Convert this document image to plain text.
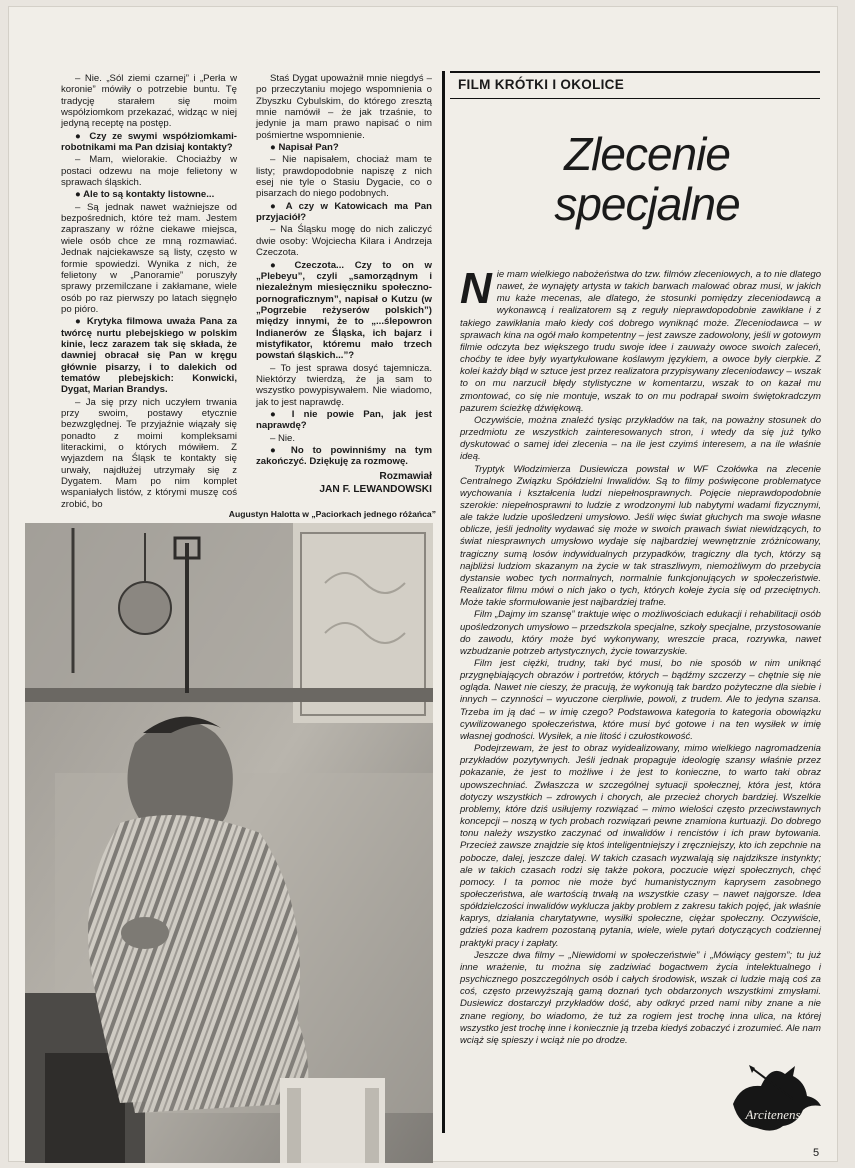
– Nie. „Sól ziemi czarnej” i „Perła w koronie” mówiły o potrzebie buntu. Tę tradycję starałem się moim współziomkom przekazać, widząc w niej jedyną receptę na postęp.

● Czy ze swymi współziomkami-robotnikami ma Pan dzisiaj kontakty?

– Mam, wielorakie. Chociażby w postaci odzewu na moje felietony w sprawach śląskich.

● Ale to są kontakty listowne...

– Są jednak nawet ważniejsze od bezpośrednich, które też mam. Jestem zapraszany w różne ciekawe miejsca, wiele osób chce ze mną rozmawiać. Jednak najciekawsze są listy, często w formie spowiedzi. Wynika z nich, że felietony w „Panoramie” poruszyły sprawy przemilczane i zakłamane, wiele osób po raz pierwszy po latach sięgnęło po pióro.

● Krytyka filmowa uważa Pana za twórcę nurtu plebejskiego w polskim kinie, lecz zarazem tak się składa, że dawniej obracał się Pan w kręgu głównie pisarzy, i to dalekich od tematów plebejskich: Konwicki, Dygat, Marian Brandys.

– Ja się przy nich uczyłem trwania przy swoim, postawy etycznie bezwzględnej. Te przyjaźnie wiązały się ponadto z moimi kompleksami literackimi, o których mówiłem. Z wyjazdem na Śląsk te kontakty się urwały, najdłużej utrzymały się z Dygatem. Mam po nim komplet wspaniałych listów, z którymi muszę coś zrobić, bo

Staś Dygat upoważnił mnie niegdyś – po przeczytaniu mojego wspomnienia o Zbyszku Cybulskim, do którego zresztą mnie namówił – że jak trzaśnie, to jedynie ja mam prawo napisać o nim pośmiertne wspomnienie.

● Napisał Pan?

– Nie napisałem, chociaż mam te listy; prawdopodobnie napiszę z nich esej nie tyle o Stasiu Dygacie, co o pisarzach do niego podobnych.

● A czy w Katowicach ma Pan przyjaciół?

– Na Śląsku mogę do nich zaliczyć dwie osoby: Wojciecha Kilara i Andrzeja Czeczota.

● Czeczota... Czy to on w „Plebeyu”, czyli „samorządnym i niezależnym miesięczniku społeczno-pornograficznym”, napisał o Kutzu (w „Pogrzebie reżyserów polskich”) między innymi, że to „...ślepowron Indianerów ze Śląska, ich bajarz i mistyfikator, któremu mało trzech powstań śląskich...”?

– To jest sprawa dosyć tajemnicza. Niektórzy twierdzą, że ja sam to wszystko powypisywałem. Nie wiadomo, jak to jest naprawdę.

● I nie powie Pan, jak jest naprawdę?

– Nie.

● No to powinniśmy na tym zakończyć. Dziękuję za rozmowę.

Rozmawiał
JAN F. LEWANDOWSKI
FILM KRÓTKI I OKOLICE
Zlecenie
specjalne

Nie mam wielkiego nabożeństwa do tzw. filmów zleceniowych, a to nie dlatego nawet, że wynajęty artysta w takich barwach malować obraz musi, w jakich mu każe mecenas, ale dlatego, że stosunki pomiędzy zleceniodawcą a wykonawcą i realizatorem są z reguły nieprawdopodobnie zawikłane i z takiego zawikłania mało kiedy coś dobrego wyniknąć może. Zleceniodawca – w sprawach kina na ogół mało kompetentny – jest zawsze zadowolony, jeśli w gotowym filmie odczyta bez większego trudu swoje idee i zauważy owoce swoich zaleceń, choćby te idee były wyartykułowane koślawym językiem, a owoce były cierpkie. Z kolei każdy błąd w sztuce jest przez realizatora przypisywany zleceniodawcy – wszak to on mu narzucił błędy stylistyczne w komentarzu, wszak to on kazał mu zmontować, co się nie montuje, wszak to on mu podrapał swoim świętokradczym pazurem ścieżkę dźwiękową.

Oczywiście, można znaleźć tysiąc przykładów na tak, na poważny stosunek do przedmiotu ze wszystkich zainteresowanych stron, i wtedy da się już tylko dyskutować o samej idei zlecenia – na ile jest czyimś interesem, a na ile właśnie ideą.

Tryptyk Włodzimierza Dusiewicza powstał w WF Czołówka na zlecenie Centralnego Związku Spółdzielni Inwalidów. Są to filmy poświęcone problematyce wychowania i kształcenia ludzi niepełnosprawnych. Pojęcie nieprawdopodobnie szerokie: niepełnosprawni to ludzie z wrodzonymi lub nabytymi wadami fizycznymi, ale także ludzie upośledzeni umysłowo. Jeśli więc świat głuchych ma swoje własne oblicze, jeśli jednolity wydawać się może w swoich prawach świat niewidzących, to świat niesprawnych umysłowo wydaje się najbardziej wewnętrznie zróżnicowany, tragiczny sumą losów indywidualnych przypadków, tragiczny dla tych, którzy są najbliżsi ludziom skazanym na życie w tak straszliwym, niemożliwym do przebycia dystansie wobec tych normalnych, normalnie funkcjonujących w społeczeństwie. Realizator filmu mówi o nich jako o tych, których kołeje życia się od przeciętnych. Może takie sformułowanie jest najbardziej trafne.

Film „Dajmy im szansę” traktuje więc o możliwościach edukacji i rehabilitacji osób upośledzonych umysłowo – przedszkola specjalne, szkoły specjalne, przystosowanie do zawodu, który może być wykonywany, wreszcie praca, rozrywka, nawet wzbudzanie potrzeb artystycznych, życie towarzyskie.

Film jest ciężki, trudny, taki być musi, bo nie sposób w nim uniknąć przygnębiających obrazów i portretów, których – bądźmy szczerzy – chętnie się nie ogląda. Nawet nie cieszy, że pracują, że wykonują tak bardzo pożyteczne dla siebie i innych – czynności – wyuczone cierpliwie, powoli, z trudem. Ale to jedyna szansa. Trzeba im ją dać – w imię czego? Podstawowa kategoria to kategoria obowiązku cywilizowanego społeczeństwa, które musi być gotowe i na ten wysiłek w imię własnej godności. Wysiłek, a nie litość i czułostkowość.

Podejrzewam, że jest to obraz wyidealizowany, mimo wielkiego nagromadzenia przykładów pozytywnych. Jeśli jednak propaguje ideologię szansy właśnie przez pokazanie, że jest to możliwe i że jest to konieczne, to warto taki obraz upowszechniać. Zwłaszcza w szczególnej sytuacji społecznej, która jest, która dotyczy wszystkich – zdrowych i chorych, ale przecież chorych bardziej. Wszelkie problemy, które dziś usiłujemy rozwiązać – mimo wielości często przeciwstawnych koncepcji – noszą w tych probach rozwiązań pewne znamiona kurtuazji. Do dobrego tonu należy wszystko zaczynać od inwalidów i rencistów i ich praw bytowania. Przecież zawsze znajdzie się ktoś inteligentniejszy i zręczniejszy, kto ich zepchnie na pobocze, dalej, jeszcze dalej. W takich czasach wyzwalają się najdziksze instynkty; ale w takich czasach rodzi się także pokora, poczucie więzi społecznych, chęć pomocy. I ta pomoc nie może być humanistycznym kaprysem zasobnego społeczeństwa, ale wartością trwałą na wszystkie czasy – nawet najgorsze. Idea spółdzielczości inwalidów wyklucza jakby problem z zakresu takich pojęć, jak właśnie kaprys, działania charytatywne, wysiłki społeczne, ciężar społeczny. Oczywiście, gdzieś poza kadrem pozostaną pytania, wiele, wiele pytań dotyczących codziennej praktyki pracy i zapłaty.

Jeszcze dwa filmy – „Niewidomi w społeczeństwie” i „Mówiący gestem”; tu już inne wrażenie, tu można się zadziwiać bogactwem życia intelektualnego i psychicznego poszczególnych osób i całych środowisk, wszak ci ludzie mają coś za coś, często przewyższają gamą doznań tych obdarzonych wszystkimi zmysłami. Dusiewicz dostarczył przykładów dość, aby odkryć przed nami niby znane a nie znane regiony, bo wiadomo, że tuż za rogiem jest trochę inna ulica, na której wszystko jest trochę inne i koniecznie ją trzeba kiedyś zobaczyć i zrozumieć. Ale nam wciąż się spieszy i wciąż nie po drodze.

Augustyn Halotta w „Paciorkach jednego różańca”
Arcitenens
5
